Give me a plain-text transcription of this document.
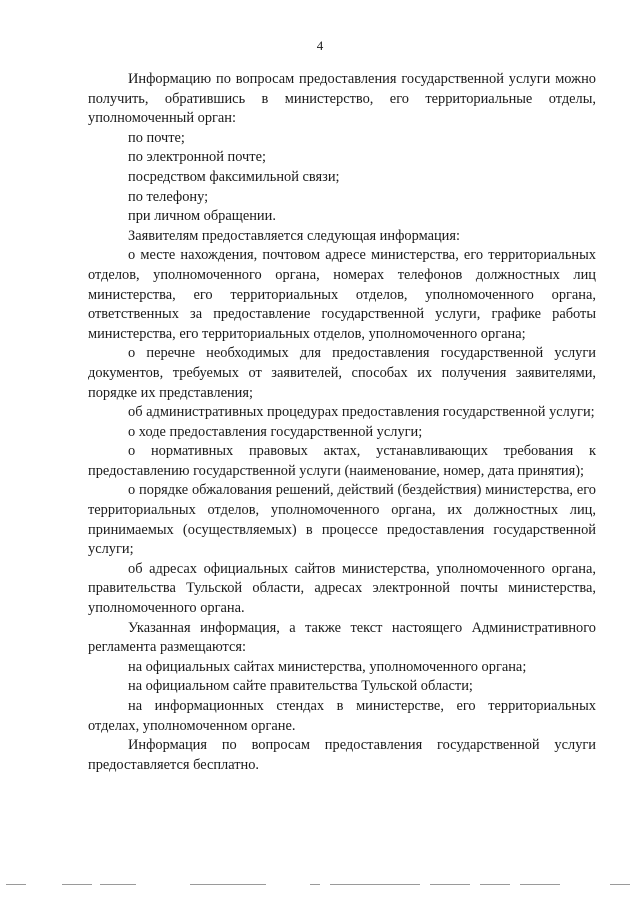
4

Информацию по вопросам предоставления государственной услуги можно получить, обратившись в министерство, его территориальные отделы, уполномоченный орган:

по почте;

по электронной почте;

посредством факсимильной связи;

по телефону;

при личном обращении.

Заявителям предоставляется следующая информация:

о месте нахождения, почтовом адресе министерства, его территориальных отделов, уполномоченного органа, номерах телефонов должностных лиц министерства, его территориальных отделов, уполномоченного органа, ответственных за предоставление государственной услуги, графике работы министерства, его территориальных отделов, уполномоченного органа;

о перечне необходимых для предоставления государственной услуги документов, требуемых от заявителей, способах их получения заявителями, порядке их представления;

об административных процедурах предоставления государственной услуги;

о ходе предоставления государственной услуги;

о нормативных правовых актах, устанавливающих требования к предоставлению государственной услуги (наименование, номер, дата принятия);

о порядке обжалования решений, действий (бездействия) министерства, его территориальных отделов, уполномоченного органа, их должностных лиц, принимаемых (осуществляемых) в процессе предоставления государственной услуги;

об адресах официальных сайтов министерства, уполномоченного органа, правительства Тульской области, адресах электронной почты министерства, уполномоченного органа.

Указанная информация, а также текст настоящего Административного регламента размещаются:

на официальных сайтах министерства, уполномоченного органа;

на официальном сайте правительства Тульской области;

на информационных стендах в министерстве, его территориальных отделах, уполномоченном органе.

Информация по вопросам предоставления государственной услуги предоставляется бесплатно.
